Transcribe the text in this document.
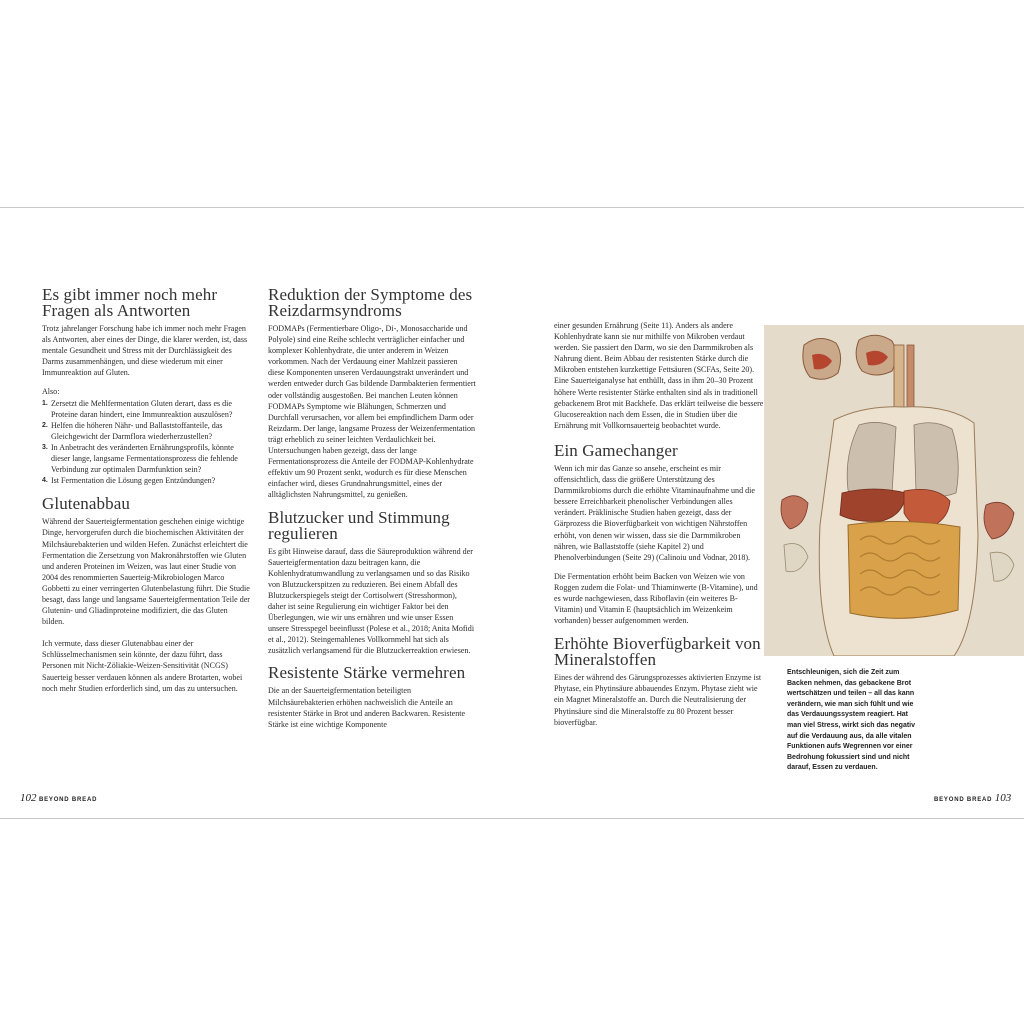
Es gibt immer noch mehr Fragen als Antworten

Trotz jahrelanger Forschung habe ich immer noch mehr Fragen als Antworten, aber eines der Dinge, die klarer werden, ist, dass mentale Gesundheit und Stress mit der Durchlässigkeit des Darms zusammenhängen, und diese wiederum mit einer Immunreaktion auf Gluten.

Also:

1. Zersetzt die Mehlfermentation Gluten derart, dass es die Proteine daran hindert, eine Immunreaktion auszulösen?
2. Helfen die höheren Nähr- und Ballaststoffanteile, das Gleichgewicht der Darmflora wiederherzustellen?
3. In Anbetracht des veränderten Ernährungsprofils, könnte dieser lange, langsame Fermentationsprozess die fehlende Verbindung zur optimalen Darmfunktion sein?
4. Ist Fermentation die Lösung gegen Entzündungen?
Glutenabbau

Während der Sauerteigfermentation geschehen einige wichtige Dinge, hervorgerufen durch die biochemischen Aktivitäten der Milchsäurebakterien und wilden Hefen. Zunächst erleichtert die Fermentation die Zersetzung von Makronährstoffen wie Gluten und anderen Proteinen im Weizen, was laut einer Studie von 2004 des renommierten Sauerteig-Mikrobiologen Marco Gobbetti zu einer verringerten Glutenbelastung führt. Die Studie besagt, dass lange und langsame Sauerteigfermentation Teile der Glutenin- und Gliadinproteine modifiziert, die das Gluten bilden.

Ich vermute, dass dieser Glutenabbau einer der Schlüsselmechanismen sein könnte, der dazu führt, dass Personen mit Nicht-Zöliakie-Weizen-Sensitivität (NCGS) Sauerteig besser verdauen können als andere Brotarten, wobei noch mehr Studien erforderlich sind, um das zu untersuchen.

Reduktion der Symptome des Reizdarmsyndroms

FODMAPs (Fermentierbare Oligo-, Di-, Monosaccharide und Polyole) sind eine Reihe schlecht verträglicher einfacher und komplexer Kohlenhydrate, die unter anderem in Weizen vorkommen. Nach der Verdauung einer Mahlzeit passieren diese Komponenten unseren Verdauungstrakt unverändert und werden entweder durch Gas bildende Darmbakterien fermentiert oder vollständig ausgestoßen. Bei manchen Leuten können FODMAPs Symptome wie Blähungen, Schmerzen und Durchfall verursachen, vor allem bei empfindlichem Darm oder Reizdarm. Der lange, langsame Prozess der Weizenfermentation trägt erheblich zu seiner leichten Verdaulichkeit bei. Untersuchungen haben gezeigt, dass der lange Fermentationsprozess die Anteile der FODMAP-Kohlenhydrate effektiv um 90 Prozent senkt, wodurch es für diese Menschen einfacher wird, dieses Grundnahrungsmittel, eines der alltäglichsten Nahrungsmittel, zu genießen.

Blutzucker und Stimmung regulieren

Es gibt Hinweise darauf, dass die Säureproduktion während der Sauerteigfermentation dazu beitragen kann, die Kohlenhydratumwandlung zu verlangsamen und so das Risiko von Blutzuckerspitzen zu reduzieren. Bei einem Abfall des Blutzuckerspiegels steigt der Cortisolwert (Stresshormon), daher ist seine Regulierung ein wichtiger Faktor bei den Überlegungen, wie wir uns ernähren und wie unser Essen unsere Stresspegel beeinflusst (Polese et al., 2018; Anita Mofidi et al., 2012). Steingemahlenes Vollkornmehl hat sich als zusätzlich verlangsamend für die Blutzuckerreaktion erwiesen.

Resistente Stärke vermehren

Die an der Sauerteigfermentation beteiligten Milchsäurebakterien erhöhen nachweislich die Anteile an resistenter Stärke in Brot und anderen Backwaren. Resistente Stärke ist eine wichtige Komponente

einer gesunden Ernährung (Seite 11). Anders als andere Kohlenhydrate kann sie nur mithilfe von Mikroben verdaut werden. Sie passiert den Darm, wo sie den Darmmikroben als Nahrung dient. Beim Abbau der resistenten Stärke durch die Mikroben entstehen kurzkettige Fettsäuren (SCFAs, Seite 20). Eine Sauerteiganalyse hat enthüllt, dass in ihm 20–30 Prozent höhere Werte resistenter Stärke enthalten sind als in traditionell gebackenem Brot mit Backhefe. Das erklärt teilweise die bessere Glucosereaktion nach dem Essen, die in Studien über die Ernährung mit Vollkornsauerteig beobachtet wurde.

Ein Gamechanger

Wenn ich mir das Ganze so ansehe, erscheint es mir offensichtlich, dass die größere Unterstützung des Darmmikrobioms durch die erhöhte Vitaminaufnahme und die bessere Erreichbarkeit phenolischer Verbindungen alles verändert. Präklinische Studien haben gezeigt, dass der Gärprozess die Bioverfügbarkeit von wichtigen Nährstoffen erhöht, von denen wir wissen, dass sie die Darmmikroben nähren, wie Ballaststoffe (siehe Kapitel 2) und Phenolverbindungen (Seite 29) (Calinoiu und Vodnar, 2018).

Die Fermentation erhöht beim Backen von Weizen wie von Roggen zudem die Folat- und Thiaminwerte (B-Vitamine), und es wurde nachgewiesen, dass Riboflavin (ein weiteres B-Vitamin) und Vitamin E (hauptsächlich im Weizenkeim vorhanden) besser aufgenommen werden.

Erhöhte Bioverfügbarkeit von Mineralstoffen

Eines der während des Gärungsprozesses aktivierten Enzyme ist Phytase, ein Phytinsäure abbauendes Enzym. Phytase zieht wie ein Magnet Mineralstoffe an. Durch die Neutralisierung der Phytinsäure sind die Mineralstoffe zu 80 Prozent besser bioverfügbar.

Entschleunigen, sich die Zeit zum Backen nehmen, das gebackene Brot wertschätzen und teilen – all das kann verändern, wie man sich fühlt und wie das Verdauungssystem reagiert. Hat man viel Stress, wirkt sich das negativ auf die Verdauung aus, da alle vitalen Funktionen aufs Wegrennen vor einer Bedrohung fokussiert sind und nicht darauf, Essen zu verdauen.
102 BEYOND BREAD	BEYOND BREAD 103
